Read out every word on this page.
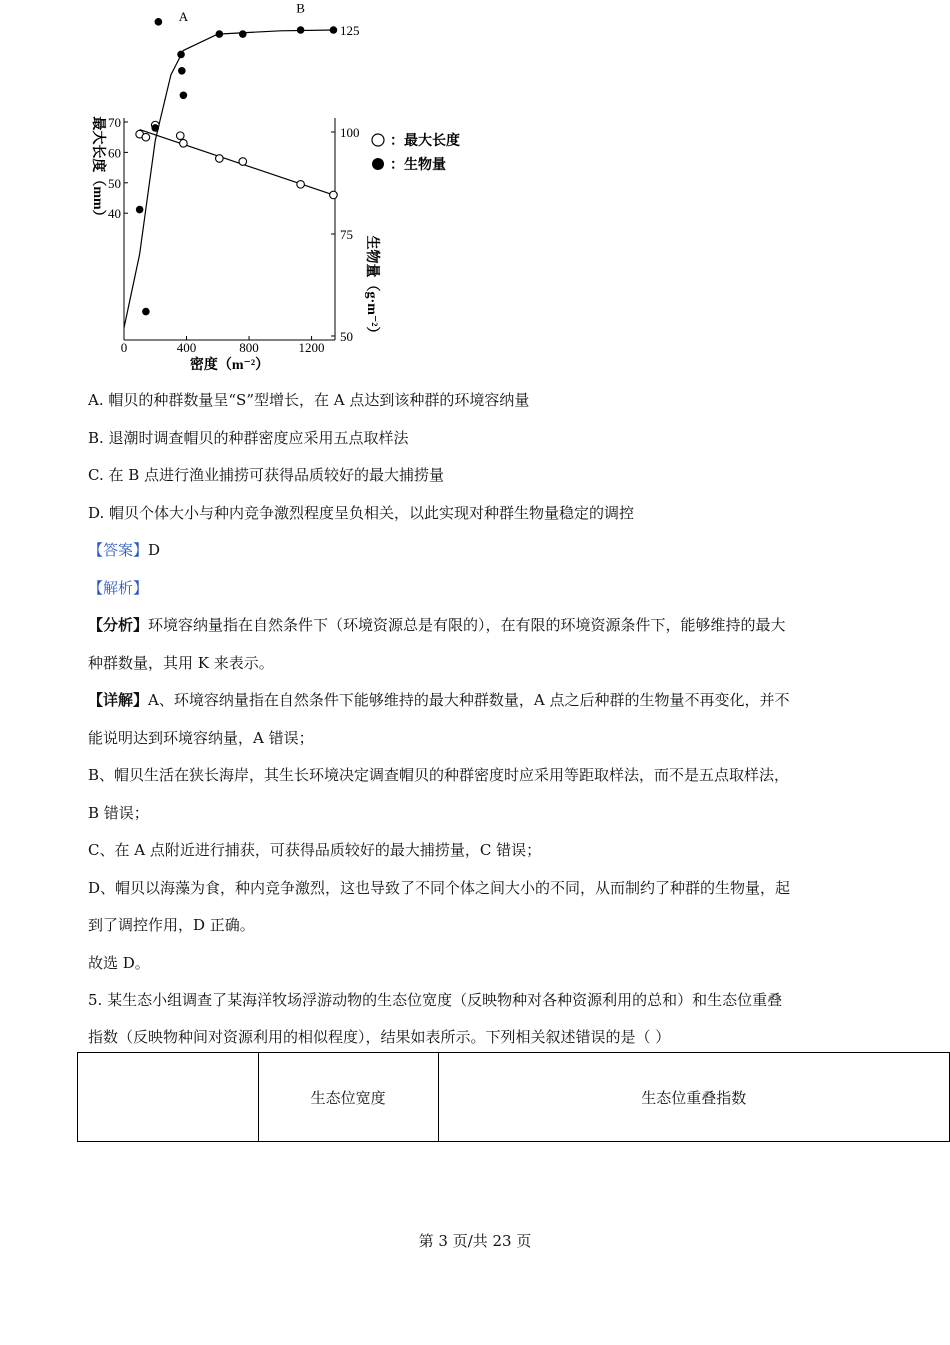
0	400	800	1200
70
60
50
40
125
100
75
50
密度（m⁻²）
最大长度（mm）
生物量（g·m⁻²）
：最大长度
：生物量
A
B
A. 帽贝的种群数量呈“S”型增长，在 A 点达到该种群的环境容纳量
B. 退潮时调查帽贝的种群密度应采用五点取样法
C. 在 B 点进行渔业捕捞可获得品质较好的最大捕捞量
D. 帽贝个体大小与种内竞争激烈程度呈负相关，以此实现对种群生物量稳定的调控
【答案】D
【解析】
【分析】环境容纳量指在自然条件下（环境资源总是有限的），在有限的环境资源条件下，能够维持的最大
种群数量，其用 K 来表示。
【详解】A、环境容纳量指在自然条件下能够维持的最大种群数量，A 点之后种群的生物量不再变化，并不
能说明达到环境容纳量，A 错误；
B、帽贝生活在狭长海岸，其生长环境决定调查帽贝的种群密度时应采用等距取样法，而不是五点取样法，
B 错误；
C、在 A 点附近进行捕获，可获得品质较好的最大捕捞量，C 错误；
D、帽贝以海藻为食，种内竞争激烈，这也导致了不同个体之间大小的不同，从而制约了种群的生物量，起
到了调控作用，D 正确。
故选 D。
5. 某生态小组调查了某海洋牧场浮游动物的生态位宽度（反映物种对各种资源利用的总和）和生态位重叠
指数（反映物种间对资源利用的相似程度），结果如表所示。下列相关叙述错误的是（ ）
	生态位宽度	生态位重叠指数
第 3 页/共 23 页
